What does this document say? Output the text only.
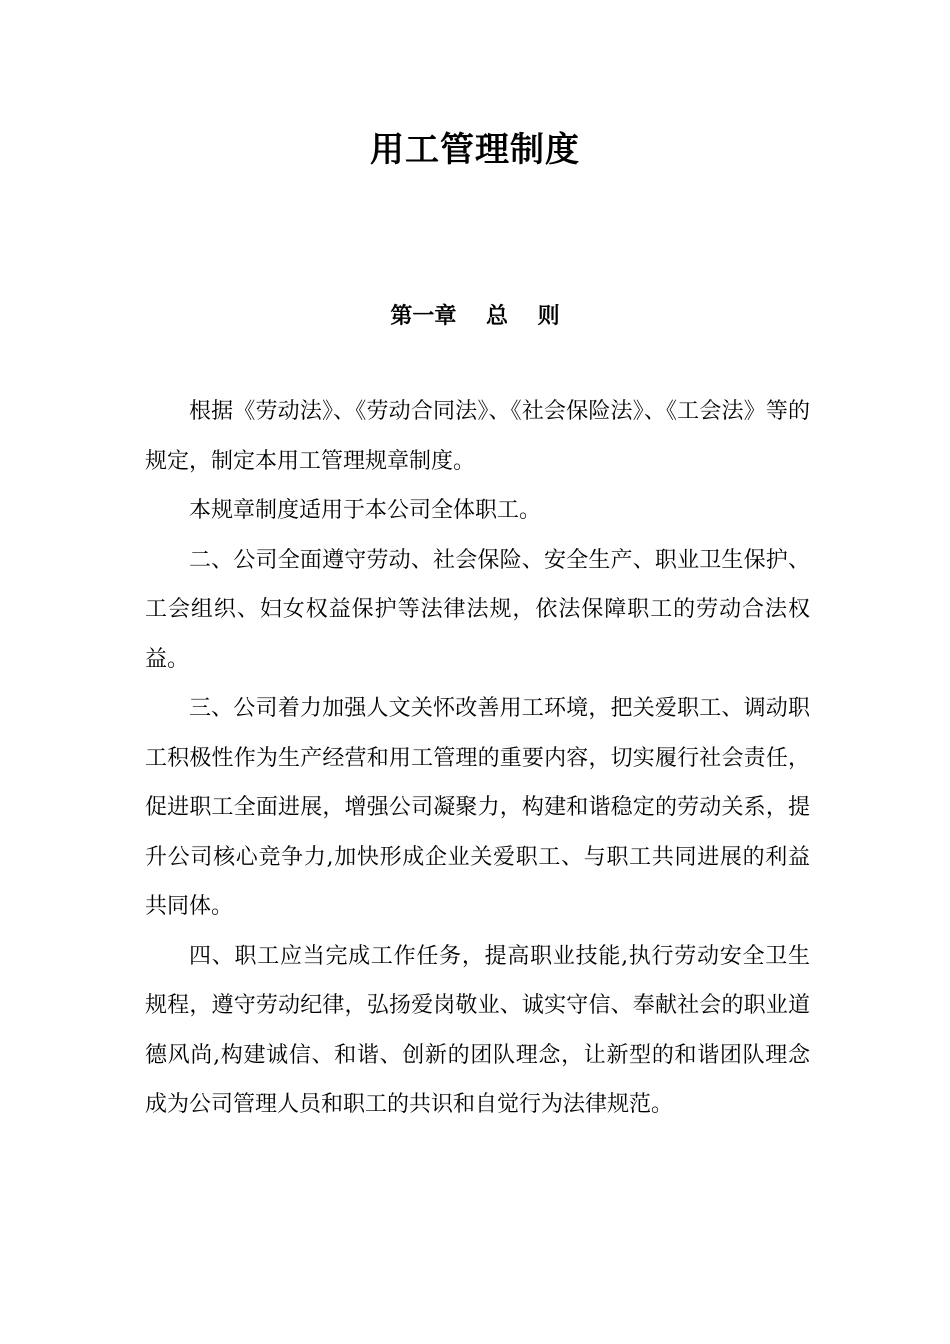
用工管理制度
第一章　 总　 则

根据《劳动法》、《劳动合同法》、《社会保险法》、《工会法》等的规定，制定本用工管理规章制度。

本规章制度适用于本公司全体职工。

二、公司全面遵守劳动、社会保险、安全生产、职业卫生保护、工会组织、妇女权益保护等法律法规，依法保障职工的劳动合法权益。

三、公司着力加强人文关怀改善用工环境，把关爱职工、调动职工积极性作为生产经营和用工管理的重要内容，切实履行社会责任，促进职工全面进展，增强公司凝聚力，构建和谐稳定的劳动关系，提升公司核心竞争力,加快形成企业关爱职工、与职工共同进展的利益共同体。

四、职工应当完成工作任务，提高职业技能,执行劳动安全卫生规程，遵守劳动纪律，弘扬爱岗敬业、诚实守信、奉献社会的职业道德风尚,构建诚信、和谐、创新的团队理念，让新型的和谐团队理念成为公司管理人员和职工的共识和自觉行为法律规范。
